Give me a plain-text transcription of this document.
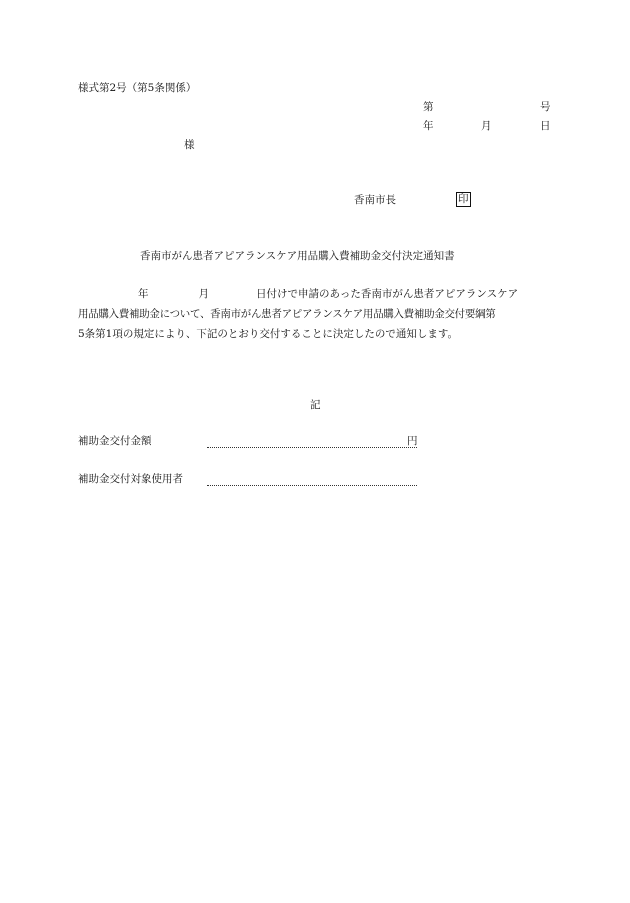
様式第2号（第5条関係）
第	号
年	月	日
様
香南市長	印
香南市がん患者アピアランスケア用品購入費補助金交付決定通知書
年	月	日付けで申請のあった香南市がん患者アピアランスケア
用品購入費補助金について、香南市がん患者アピアランスケア用品購入費補助金交付要綱第
5条第1項の規定により、下記のとおり交付することに決定したので通知します。
記
補助金交付金額	円
補助金交付対象使用者
